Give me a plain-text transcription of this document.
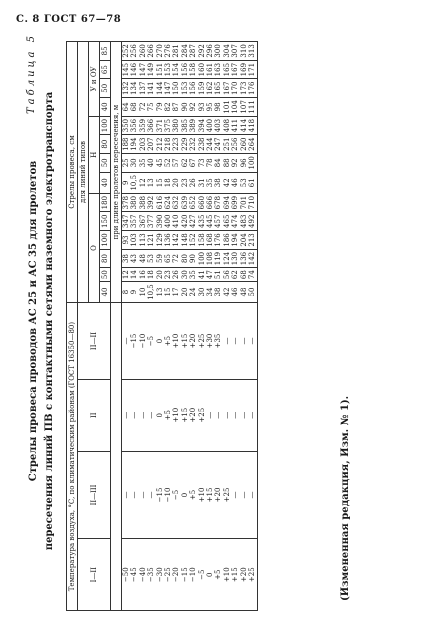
С. 8 ГОСТ 67—78
Таблица 5
Стрелы провеса проводов АС 25 и АС 35 для пролетов пересечения линий ПВ с контактными сетями наземного электротранспорта Температура воздуха, °С, по климатическим районам (ГОСТ 16350—80)				Стрелы провеса, см													
I—II	II—III	II	II—II	для линий типов													
				О						Н				У и ОУ			
				40	50	80	100	150	180	40	50	80	100	40	50	65	85
				при длине пролетов пересечения, м													
−50	—	—	—	8	12	38	93	347	378	9	25	188	350	64	132	145	252
−45	—	—	−15	9	14	43	103	357	380	10,5	30	194	356	68	134	146	256
−40	—	—	−10	10	16	48	113	367	388	12	35	203	359	72	137	147	260
−35	—	—	−5	10,5	18	53	121	377	392	13	40	207	366	75	141	149	266
−30	−15	0	0	13	20	59	129	390	616	15	45	212	371	79	144	151	270
−25	−10	+5	+5	15	23	65	136	400	624	18	52	218	375	82	147	153	276
−20	−5	+10	+10	17	26	72	142	410	632	20	57	223	380	87	150	154	281
−15	0	+15	+15	20	30	80	148	420	639	23	62	229	385	90	153	156	284
−10	+5	+20	+20	24	35	90	152	427	652	26	67	232	389	92	156	158	287
−5	+10	+25	+25	30	41	100	158	435	660	31	73	238	394	93	159	160	292
0	+15	—	+30	34	47	108	168	445	666	35	78	244	400	95	162	161	296
+5	+20	—	+35	38	51	119	176	457	678	38	84	247	403	98	165	163	300
+10	+25	—	—	42	56	124	186	465	694	42	88	251	408	101	167	165	304
+15	—	—	—	46	62	130	194	474	699	46	92	256	411	104	170	167	307
+20	—	—	—	48	68	136	204	483	701	53	96	260	414	107	173	169	310
+25	—	—	—	50	74	142	213	492	710	61	100	264	418	111	176	171	313
(Измененная редакция, Изм. № 1).
